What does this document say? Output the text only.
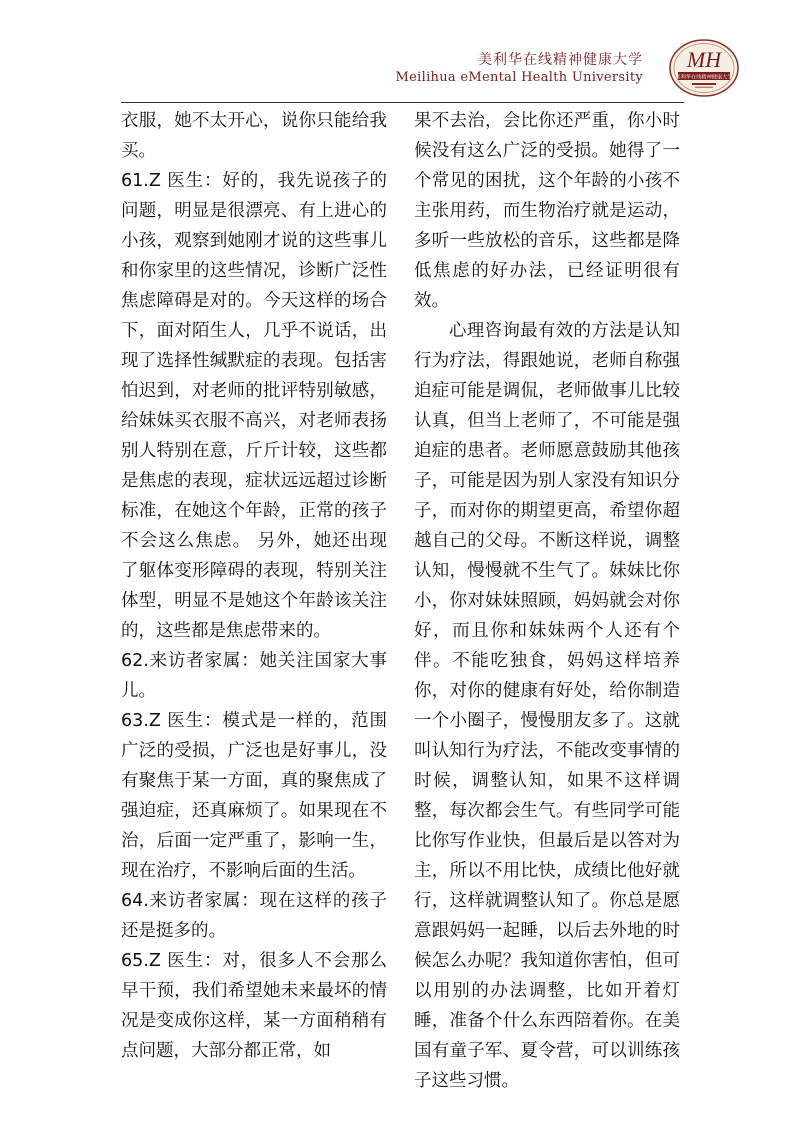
美利华在线精神健康大学
Meilihua eMental Health University
MH
美利华在线精神健康大学

衣服，她不太开心，说你只能给我买。

61.Z 医生：好的，我先说孩子的问题，明显是很漂亮、有上进心的小孩，观察到她刚才说的这些事儿和你家里的这些情况，诊断广泛性焦虑障碍是对的。今天这样的场合下，面对陌生人，几乎不说话，出现了选择性缄默症的表现。包括害怕迟到，对老师的批评特别敏感，给妹妹买衣服不高兴，对老师表扬别人特别在意，斤斤计较，这些都是焦虑的表现，症状远远超过诊断标准，在她这个年龄，正常的孩子不会这么焦虑。 另外，她还出现了躯体变形障碍的表现，特别关注体型，明显不是她这个年龄该关注的，这些都是焦虑带来的。

62.来访者家属：她关注国家大事儿。

63.Z 医生：模式是一样的，范围广泛的受损，广泛也是好事儿，没有聚焦于某一方面，真的聚焦成了强迫症，还真麻烦了。如果现在不治，后面一定严重了，影响一生，现在治疗，不影响后面的生活。

64.来访者家属：现在这样的孩子还是挺多的。

65.Z 医生：对，很多人不会那么早干预，我们希望她未来最坏的情况是变成你这样，某一方面稍稍有点问题，大部分都正常，如

果不去治，会比你还严重，你小时候没有这么广泛的受损。她得了一个常见的困扰，这个年龄的小孩不主张用药，而生物治疗就是运动，多听一些放松的音乐，这些都是降低焦虑的好办法，已经证明很有效。

心理咨询最有效的方法是认知行为疗法，得跟她说，老师自称强迫症可能是调侃，老师做事儿比较认真，但当上老师了，不可能是强迫症的患者。老师愿意鼓励其他孩子，可能是因为别人家没有知识分子，而对你的期望更高，希望你超越自己的父母。不断这样说，调整认知，慢慢就不生气了。妹妹比你小，你对妹妹照顾，妈妈就会对你好，而且你和妹妹两个人还有个伴。不能吃独食，妈妈这样培养你，对你的健康有好处，给你制造一个小圈子，慢慢朋友多了。这就叫认知行为疗法，不能改变事情的时候，调整认知，如果不这样调整，每次都会生气。有些同学可能比你写作业快，但最后是以答对为主，所以不用比快，成绩比他好就行，这样就调整认知了。你总是愿意跟妈妈一起睡，以后去外地的时候怎么办呢？我知道你害怕，但可以用别的办法调整，比如开着灯睡，准备个什么东西陪着你。在美国有童子军、夏令营，可以训练孩子这些习惯。
